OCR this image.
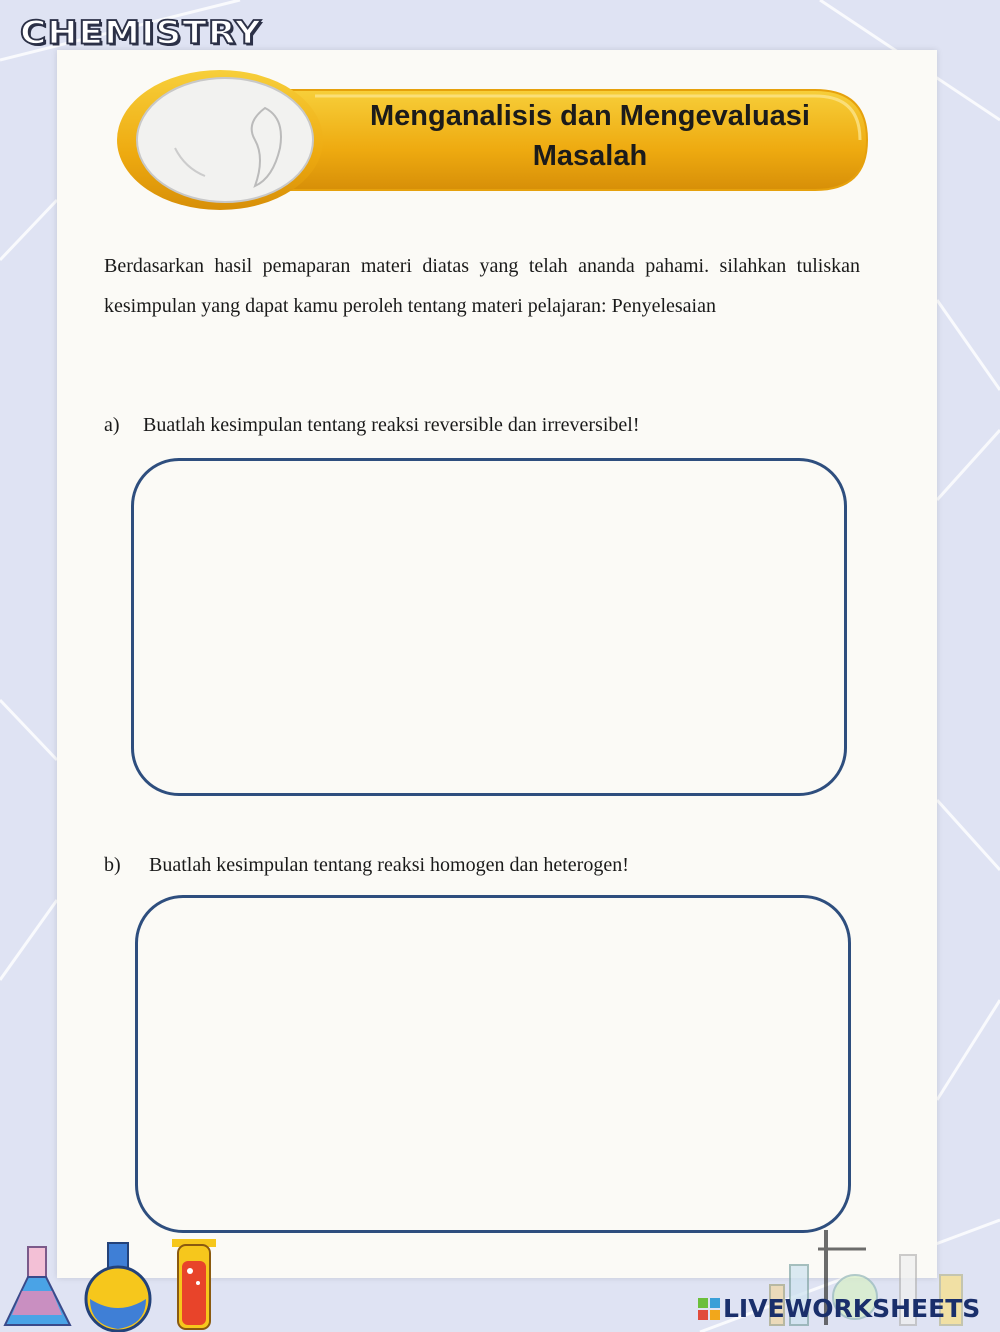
CHEMISTRY
Menganalisis dan Mengevaluasi
Masalah
Berdasarkan hasil pemaparan materi diatas yang telah ananda pahami. silahkan tuliskan kesimpulan yang dapat kamu peroleh tentang materi pelajaran: Penyelesaian
a) Buatlah kesimpulan tentang reaksi reversible dan irreversibel!
b) Buatlah kesimpulan tentang reaksi homogen dan heterogen!
LIVEWORKSHEETS
